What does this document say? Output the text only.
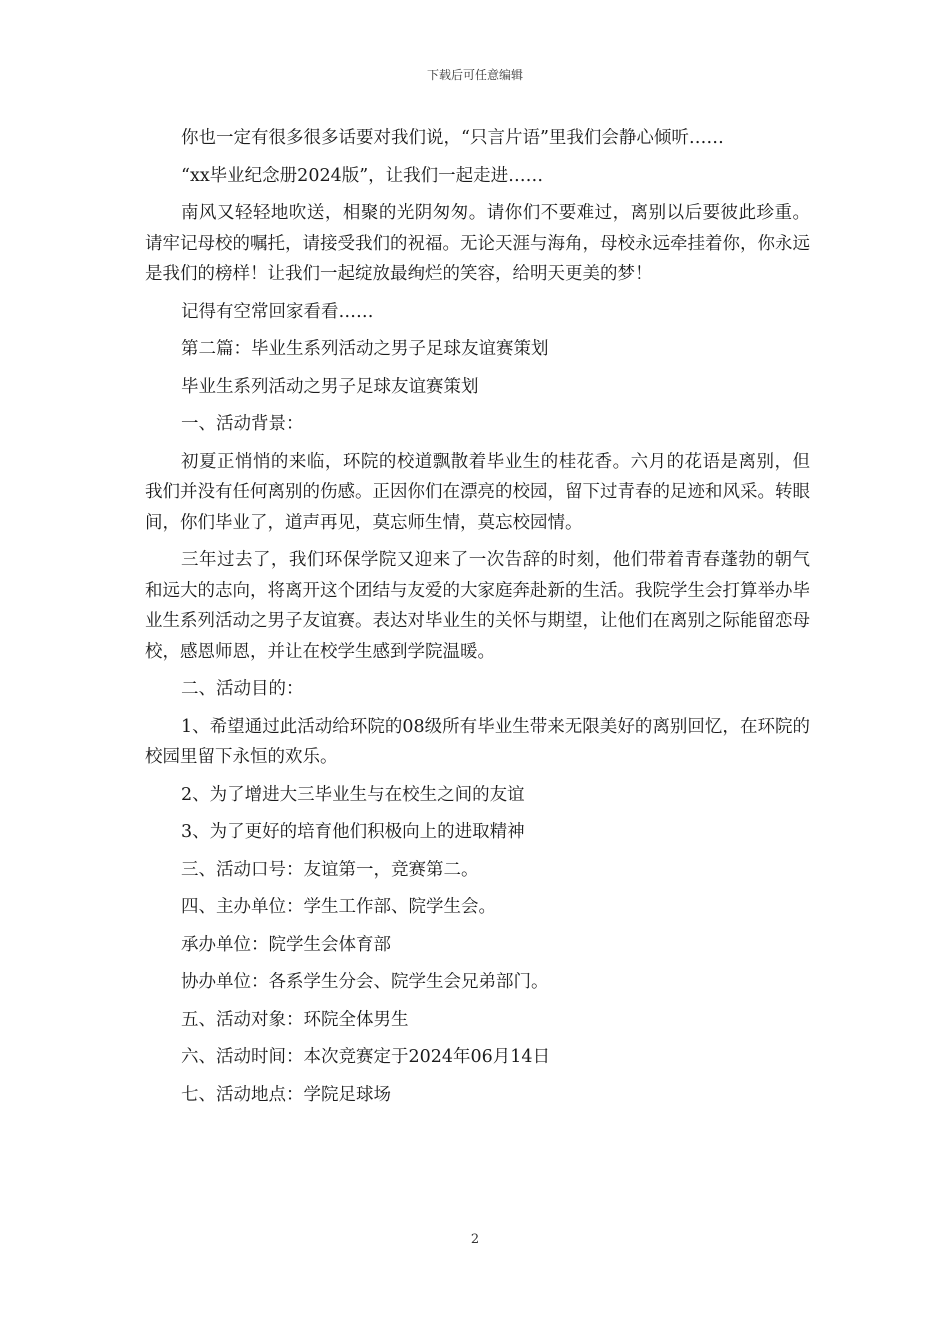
下载后可任意编辑

你也一定有很多很多话要对我们说，“只言片语”里我们会静心倾听……

“xx毕业纪念册2024版”，让我们一起走进……

南风又轻轻地吹送，相聚的光阴匆匆。请你们不要难过，离别以后要彼此珍重。请牢记母校的嘱托，请接受我们的祝福。无论天涯与海角，母校永远牵挂着你，你永远是我们的榜样！让我们一起绽放最绚烂的笑容，给明天更美的梦！

记得有空常回家看看……

第二篇：毕业生系列活动之男子足球友谊赛策划

毕业生系列活动之男子足球友谊赛策划

一、活动背景：

初夏正悄悄的来临，环院的校道飘散着毕业生的桂花香。六月的花语是离别，但我们并没有任何离别的伤感。正因你们在漂亮的校园，留下过青春的足迹和风采。转眼间，你们毕业了，道声再见，莫忘师生情，莫忘校园情。

三年过去了，我们环保学院又迎来了一次告辞的时刻，他们带着青春蓬勃的朝气和远大的志向，将离开这个团结与友爱的大家庭奔赴新的生活。我院学生会打算举办毕业生系列活动之男子友谊赛。表达对毕业生的关怀与期望，让他们在离别之际能留恋母校，感恩师恩，并让在校学生感到学院温暖。

二、活动目的：

1、希望通过此活动给环院的08级所有毕业生带来无限美好的离别回忆，在环院的校园里留下永恒的欢乐。

2、为了增进大三毕业生与在校生之间的友谊

3、为了更好的培育他们积极向上的进取精神

三、活动口号：友谊第一，竞赛第二。

四、主办单位：学生工作部、院学生会。

承办单位：院学生会体育部

协办单位：各系学生分会、院学生会兄弟部门。

五、活动对象：环院全体男生

六、活动时间：本次竞赛定于2024年06月14日

七、活动地点：学院足球场

2
